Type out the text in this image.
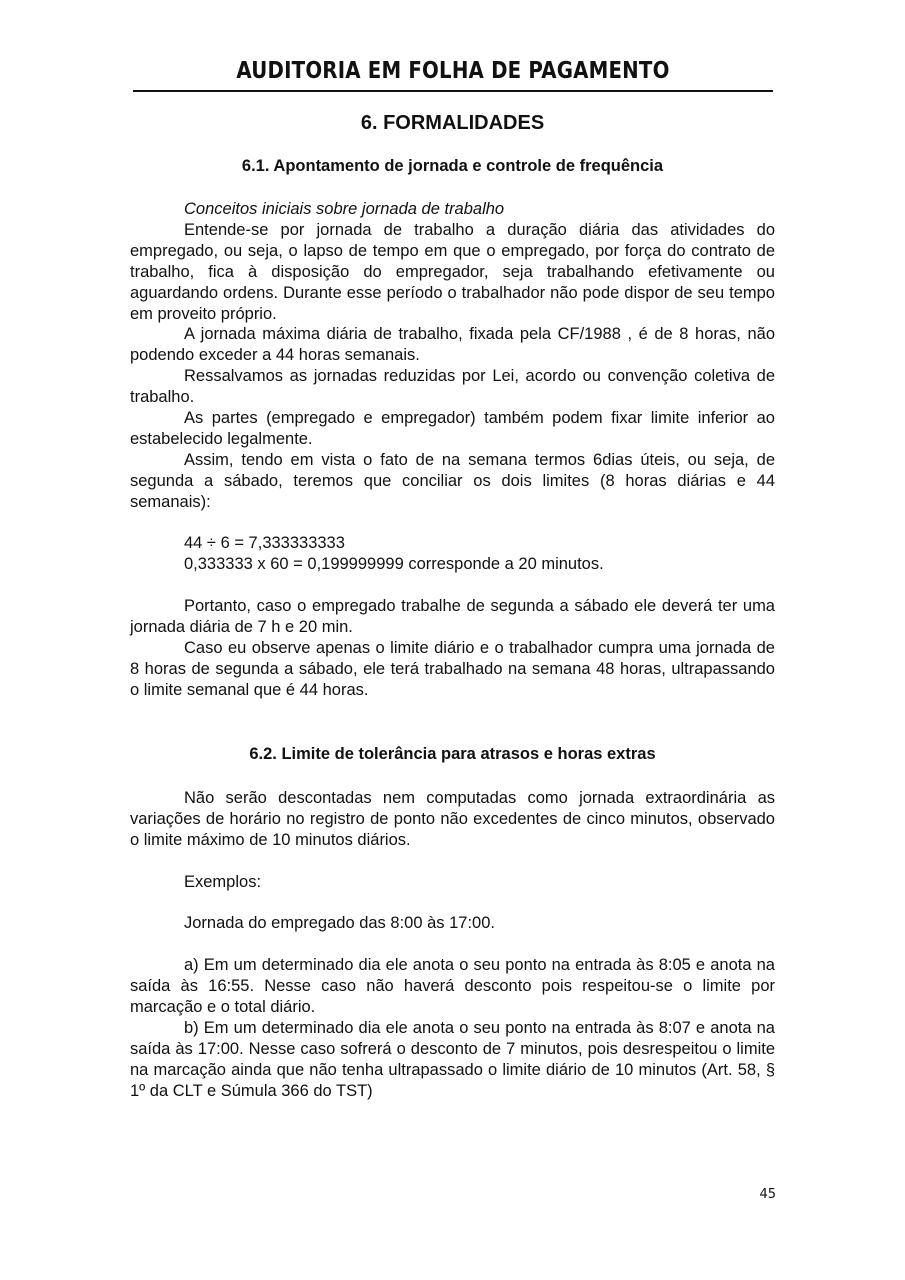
AUDITORIA EM FOLHA DE PAGAMENTO
6. FORMALIDADES
6.1. Apontamento de jornada e controle de frequência

Conceitos iniciais sobre jornada de trabalho

Entende-se por jornada de trabalho a duração diária das atividades do empregado, ou seja, o lapso de tempo em que o empregado, por força do contrato de trabalho, fica à disposição do empregador, seja trabalhando efetivamente ou aguardando ordens. Durante esse período o trabalhador não pode dispor de seu tempo em proveito próprio.

A jornada máxima diária de trabalho, fixada pela CF/1988 , é de 8 horas, não podendo exceder a 44 horas semanais.

Ressalvamos as jornadas reduzidas por Lei, acordo ou convenção coletiva de trabalho.

As partes (empregado e empregador) também podem fixar limite inferior ao estabelecido legalmente.

Assim, tendo em vista o fato de na semana termos 6dias úteis, ou seja, de segunda a sábado, teremos que conciliar os dois limites (8 horas diárias e 44 semanais):

44 ÷ 6 = 7,333333333

0,333333 x 60 = 0,199999999 corresponde a 20 minutos.

Portanto, caso o empregado trabalhe de segunda a sábado ele deverá ter uma jornada diária de 7 h e 20 min.

Caso eu observe apenas o limite diário e o trabalhador cumpra uma jornada de 8 horas de segunda a sábado, ele terá trabalhado na semana 48 horas, ultrapassando o limite semanal que é 44 horas.

6.2. Limite de tolerância para atrasos e horas extras

Não serão descontadas nem computadas como jornada extraordinária as variações de horário no registro de ponto não excedentes de cinco minutos, observado o limite máximo de 10 minutos diários.

Exemplos:

Jornada do empregado das 8:00 às 17:00.

a) Em um determinado dia ele anota o seu ponto na entrada às 8:05 e anota na saída às 16:55. Nesse caso não haverá desconto pois respeitou-se o limite por marcação e o total diário.

b) Em um determinado dia ele anota o seu ponto na entrada às 8:07 e anota na saída às 17:00. Nesse caso sofrerá o desconto de 7 minutos, pois desrespeitou o limite na marcação ainda que não tenha ultrapassado o limite diário de 10 minutos (Art. 58, § 1º da CLT e Súmula 366 do TST)

45
